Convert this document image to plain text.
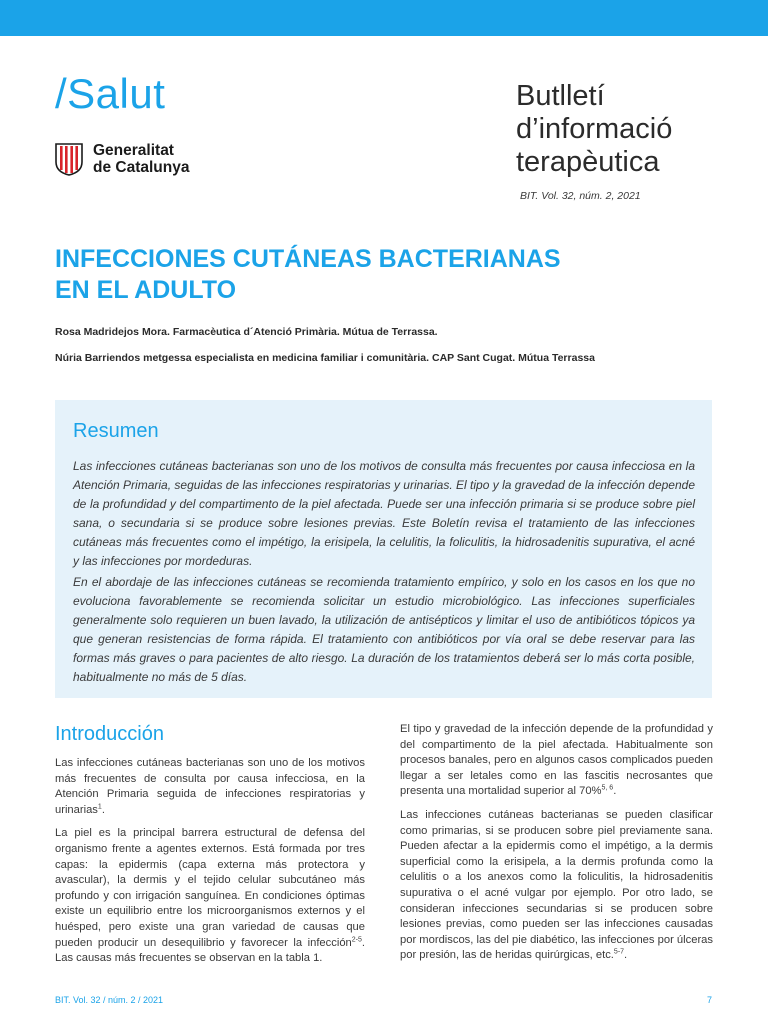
/Salut
Generalitat
de Catalunya
Butlletí
d’informació
terapèutica
BIT. Vol. 32, núm. 2, 2021
INFECCIONES CUTÁNEAS BACTERIANAS
EN EL ADULTO
Rosa Madridejos Mora. Farmacèutica d´Atenció Primària. Mútua de Terrassa.
Núria Barriendos metgessa especialista en medicina familiar i comunitària. CAP Sant Cugat. Mútua Terrassa
Resumen

Las infecciones cutáneas bacterianas son uno de los motivos de consulta más frecuentes por causa infecciosa en la Atención Primaria, seguidas de las infecciones respiratorias y urinarias. El tipo y la gravedad de la infección depende de la profundidad y del compartimento de la piel afectada. Puede ser una infección primaria si se produce sobre piel sana, o secundaria si se produce sobre lesiones previas. Este Boletín revisa el tratamiento de las infecciones cutáneas más frecuentes como el impétigo, la erisipela, la celulitis, la foliculitis, la hidrosadenitis supurativa, el acné y las infecciones por mordeduras.

En el abordaje de las infecciones cutáneas se recomienda tratamiento empírico, y solo en los casos en los que no evoluciona favorablemente se recomienda solicitar un estudio microbiológico. Las infecciones superficiales generalmente solo requieren un buen lavado, la utilización de antisépticos y limitar el uso de antibióticos tópicos ya que generan resistencias de forma rápida. El tratamiento con antibióticos por vía oral se debe reservar para las formas más graves o para pacientes de alto riesgo. La duración de los tratamientos deberá ser lo más corta posible, habitualmente no más de 5 días.

Introducción

Las infecciones cutáneas bacterianas son uno de los motivos más frecuentes de consulta por causa infecciosa, en la Atención Primaria seguida de infecciones respiratorias y urinarias$^1$.

La piel es la principal barrera estructural de defensa del organismo frente a agentes externos. Está formada por tres capas: la epidermis (capa externa más protectora y avascular), la dermis y el tejido celular subcutáneo más profundo y con irrigación sanguínea. En condiciones óptimas existe un equilibrio entre los microorganismos externos y el huésped, pero existe una gran variedad de causas que pueden producir un desequilibrio y favorecer la infección$^{2-5}$. Las causas más frecuentes se observan en la tabla 1.

El tipo y gravedad de la infección depende de la profundidad y del compartimento de la piel afectada. Habitualmente son procesos banales, pero en algunos casos complicados pueden llegar a ser letales como en las fascitis necrosantes que presenta una mortalidad superior al 70%$^{5, 6}$.

Las infecciones cutáneas bacterianas se pueden clasificar como primarias, si se producen sobre piel previamente sana. Pueden afectar a la epidermis como el impétigo, a la dermis superficial como la erisipela, a la dermis profunda como la celulitis o a los anexos como la foliculitis, la hidrosadenitis supurativa o el acné vulgar por ejemplo. Por otro lado, se consideran infecciones secundarias si se producen sobre lesiones previas, como pueden ser las infecciones causadas por mordiscos, las del pie diabético, las infecciones por úlceras por presión, las de heridas quirúrgicas, etc.$^{5-7}$.

BIT. Vol. 32 / núm. 2 / 2021	7
